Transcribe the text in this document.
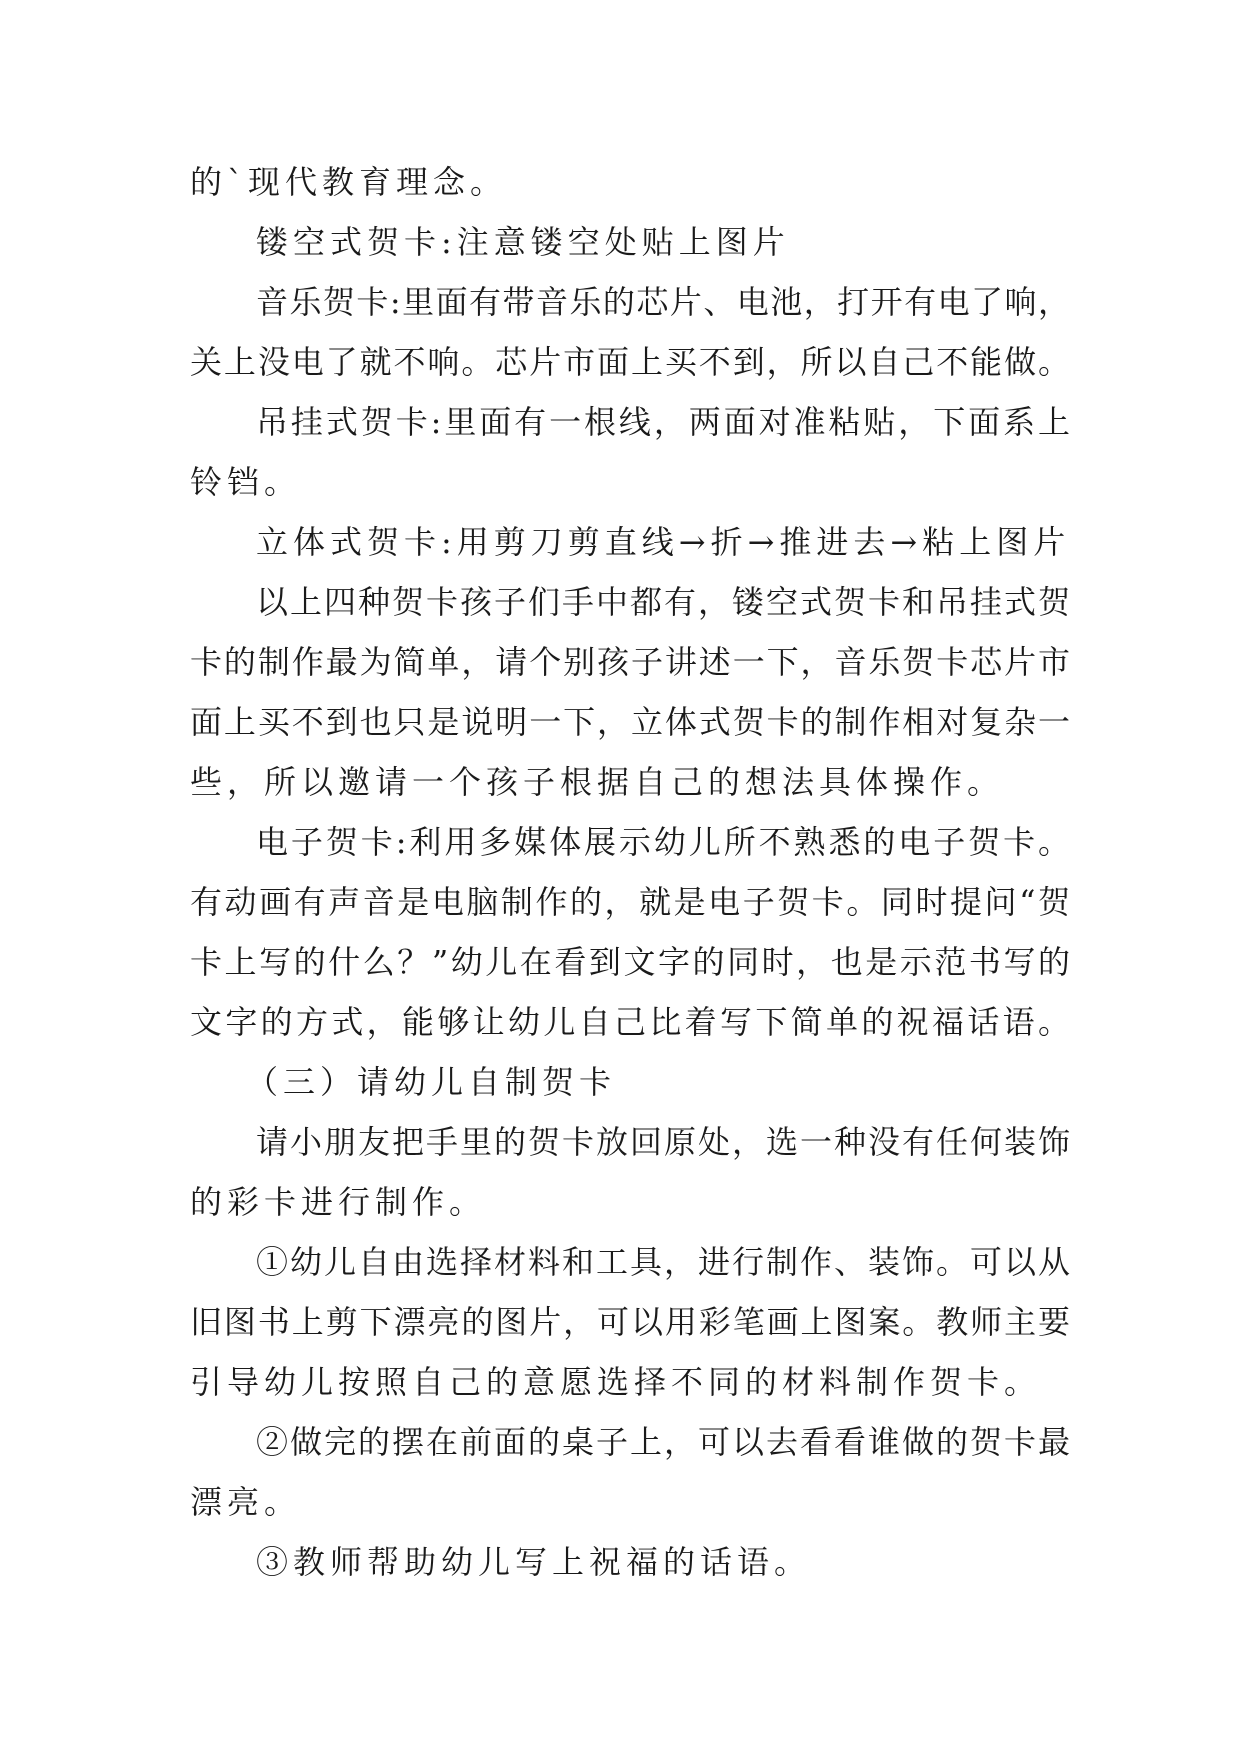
的`现代教育理念。
镂空式贺卡:注意镂空处贴上图片
音乐贺卡:里面有带音乐的芯片、电池，打开有电了响，
关上没电了就不响。芯片市面上买不到，所以自己不能做。
吊挂式贺卡:里面有一根线，两面对准粘贴，下面系上
铃铛。
立体式贺卡:用剪刀剪直线→折→推进去→粘上图片
以上四种贺卡孩子们手中都有，镂空式贺卡和吊挂式贺
卡的制作最为简单，请个别孩子讲述一下，音乐贺卡芯片市
面上买不到也只是说明一下，立体式贺卡的制作相对复杂一
些，所以邀请一个孩子根据自己的想法具体操作。
电子贺卡:利用多媒体展示幼儿所不熟悉的电子贺卡。
有动画有声音是电脑制作的，就是电子贺卡。同时提问“贺
卡上写的什么？”幼儿在看到文字的同时，也是示范书写的
文字的方式，能够让幼儿自己比着写下简单的祝福话语。
（三）请幼儿自制贺卡
请小朋友把手里的贺卡放回原处，选一种没有任何装饰
的彩卡进行制作。
①幼儿自由选择材料和工具，进行制作、装饰。可以从
旧图书上剪下漂亮的图片，可以用彩笔画上图案。教师主要
引导幼儿按照自己的意愿选择不同的材料制作贺卡。
②做完的摆在前面的桌子上，可以去看看谁做的贺卡最
漂亮。
③教师帮助幼儿写上祝福的话语。
